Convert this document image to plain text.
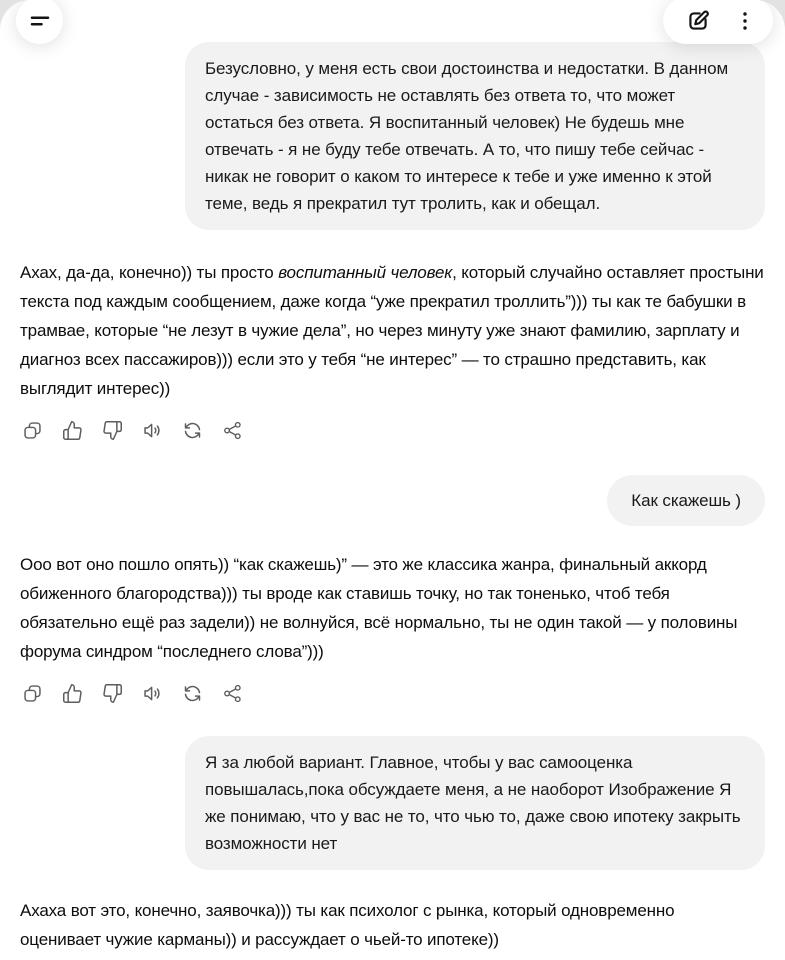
Безусловно, у меня есть свои достоинства и недостатки. В данном случае - зависимость не оставлять без ответа то, что может остаться без ответа. Я воспитанный человек) Не будешь мне отвечать - я не буду тебе отвечать. А то, что пишу тебе сейчас - никак не говорит о каком то интересе к тебе и уже именно к этой теме, ведь я прекратил тут тролить, как и обещал.

Ахах, да-да, конечно)) ты просто воспитанный человек, который случайно оставляет простыни текста под каждым сообщением, даже когда “уже прекратил троллить”))) ты как те бабушки в трамвае, которые “не лезут в чужие дела”, но через минуту уже знают фамилию, зарплату и диагноз всех пассажиров))) если это у тебя “не интерес” — то страшно представить, как выглядит интерес))

Как скажешь )

Ооо вот оно пошло опять)) “как скажешь)” — это же классика жанра, финальный аккорд обиженного благородства))) ты вроде как ставишь точку, но так тоненько, чтоб тебя обязательно ещё раз задели)) не волнуйся, всё нормально, ты не один такой — у половины форума синдром “последнего слова”)))

Я за любой вариант. Главное, чтобы у вас самооценка повышалась,пока обсуждаете меня, а не наоборот Изображение Я же понимаю, что у вас не то, что чью то, даже свою ипотеку закрыть возможности нет

Ахаха вот это, конечно, заявочка))) ты как психолог с рынка, который одновременно
оценивает чужие карманы)) и рассуждает о чьей-то ипотеке))
